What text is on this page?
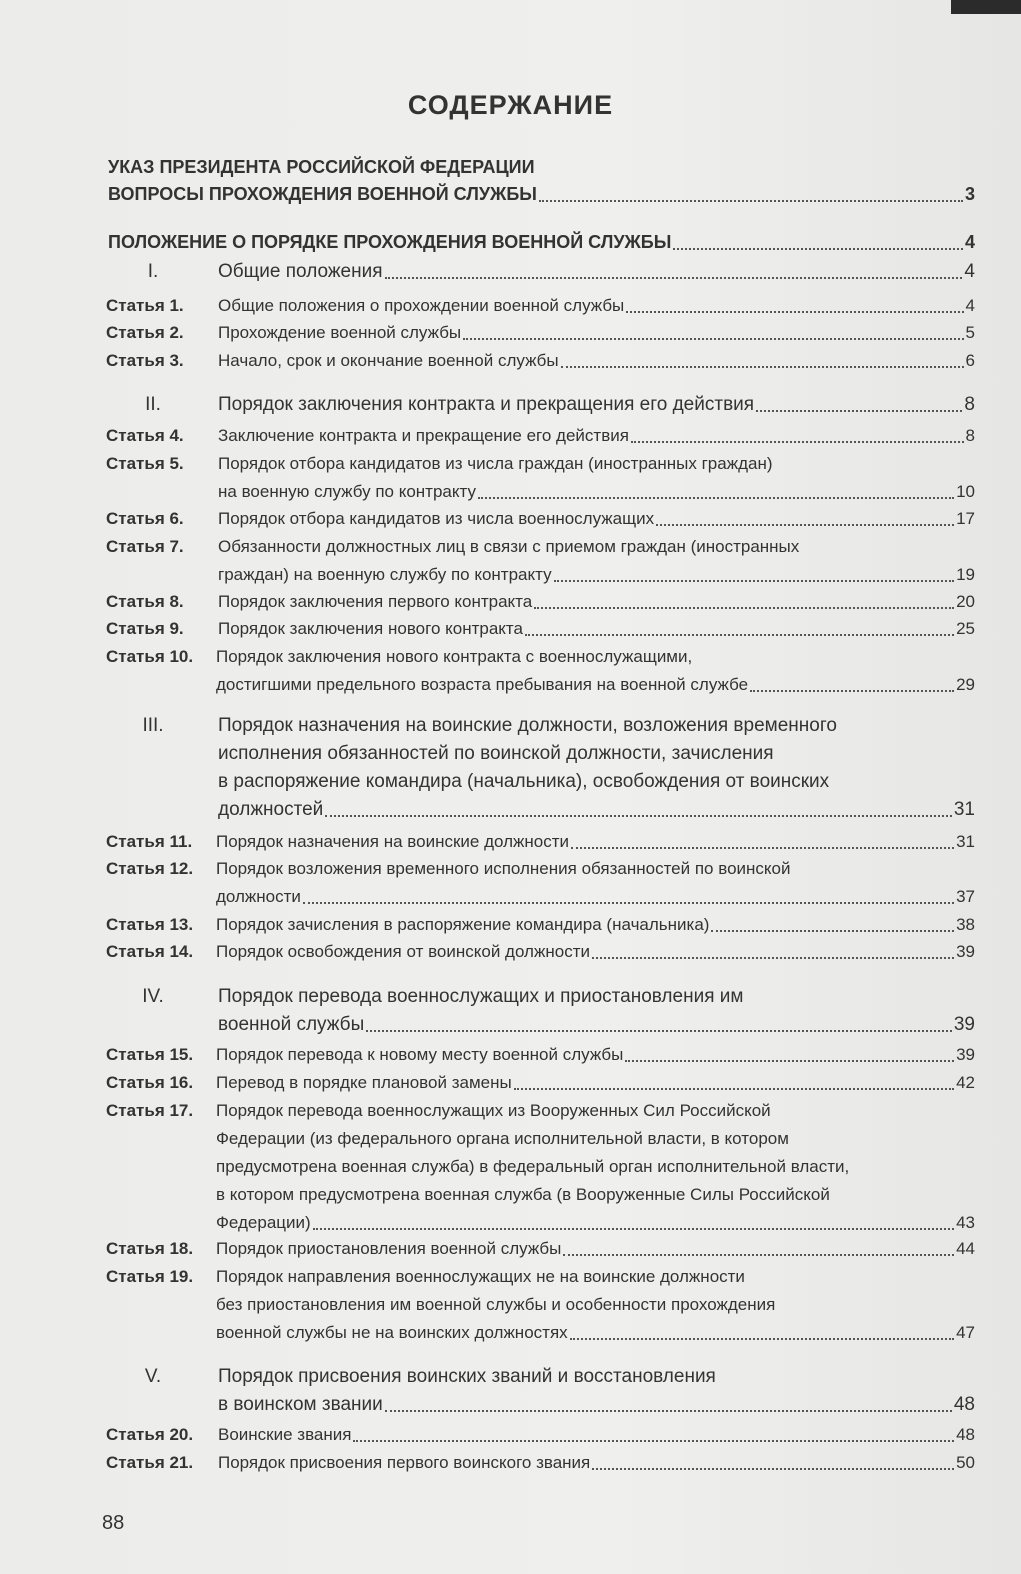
СОДЕРЖАНИЕ
УКАЗ ПРЕЗИДЕНТА РОССИЙСКОЙ ФЕДЕРАЦИИ
ВОПРОСЫ ПРОХОЖДЕНИЯ ВОЕННОЙ СЛУЖБЫ	3
ПОЛОЖЕНИЕ О ПОРЯДКЕ ПРОХОЖДЕНИЯ ВОЕННОЙ СЛУЖБЫ	4
I.	Общие положения	4
Статья 1.	Общие положения о прохождении военной службы	4
Статья 2.	Прохождение военной службы	5
Статья 3.	Начало, срок и окончание военной службы	6
II.	Порядок заключения контракта и прекращения его действия	8
Статья 4.	Заключение контракта и прекращение его действия	8
Статья 5.	Порядок отбора кандидатов из числа граждан (иностранных граждан)
на военную службу по контракту	10
Статья 6.	Порядок отбора кандидатов из числа военнослужащих	17
Статья 7.	Обязанности должностных лиц в связи с приемом граждан (иностранных
граждан) на военную службу по контракту	19
Статья 8.	Порядок заключения первого контракта	20
Статья 9.	Порядок заключения нового контракта	25
Статья 10.	Порядок заключения нового контракта с военнослужащими,
достигшими предельного возраста пребывания на военной службе	29
III.	Порядок назначения на воинские должности, возложения временного
исполнения обязанностей по воинской должности, зачисления
в распоряжение командира (начальника), освобождения от воинских
должностей	31
Статья 11.	Порядок назначения на воинские должности	31
Статья 12.	Порядок возложения временного исполнения обязанностей по воинской
должности	37
Статья 13.	Порядок зачисления в распоряжение командира (начальника)	38
Статья 14.	Порядок освобождения от воинской должности	39
IV.	Порядок перевода военнослужащих и приостановления им
военной службы	39
Статья 15.	Порядок перевода к новому месту военной службы	39
Статья 16.	Перевод в порядке плановой замены	42
Статья 17.	Порядок перевода военнослужащих из Вооруженных Сил Российской
Федерации (из федерального органа исполнительной власти, в котором
предусмотрена военная служба) в федеральный орган исполнительной власти,
в котором предусмотрена военная служба (в Вооруженные Силы Российской
Федерации)	43
Статья 18.	Порядок приостановления военной службы	44
Статья 19.	Порядок направления военнослужащих не на воинские должности
без приостановления им военной службы и особенности прохождения
военной службы не на воинских должностях	47
V.	Порядок присвоения воинских званий и восстановления
в воинском звании	48
Статья 20.	Воинские звания	48
Статья 21.	Порядок присвоения первого воинского звания	50
88
